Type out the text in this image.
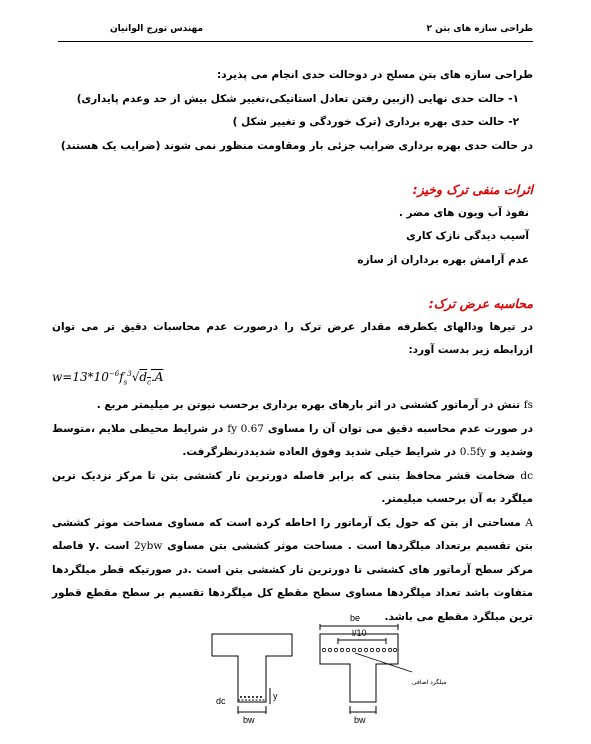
طراحی سازه های بتن ۲
مهندس تورج الوانیان

طراحی سازه های بتن مسلح در دوحالت حدی انجام می پذیرد:

۱- حالت حدی نهایی (ازبین رفتن تعادل استاتیکی،تغییر شکل بیش از حد وعدم پایداری)

۲- حالت حدی بهره برداری (ترک خوردگی و تغییر شکل )

در حالت حدی بهره برداری ضرایب جزئی بار ومقاومت منظور نمی شوند (ضرایب یک هستند)

اثرات منفی ترک وخیز:

نفوذ آب ویون های مضر .

آسیب دیدگی نازک کاری

عدم آرامش بهره برداران از سازه

محاسبه عرض ترک:

در تیرها ودالهای یکطرفه مقدار عرض ترک را درصورت عدم محاسبات دقیق تر می توان ازرابطه زیر بدست آورد:

$w=13*10^{-6}f_s^3√d_c.A$

fs تنش در آرماتور کششی در اثر بارهای بهره برداری برحسب نیوتن بر میلیمتر مربع .

در صورت عدم محاسبه دقیق می توان آن را مساوی 0.67 fy در شرایط محیطی ملایم ،متوسط وشدید و 0.5fy در شرایط خیلی شدید وفوق العاده شدیددرنظرگرفت.

dc ضخامت قشر محافظ بتنی که برابر فاصله دورترین تار کششی بتن تا مرکز نزدیک ترین میلگرد به آن برحسب میلیمتر.

A مساحتی از بتن که حول یک آرماتور را احاطه کرده است که مساوی مساحت موثر کششی بتن تقسیم برتعداد میلگردها است . مساحت موثر کششی بتن مساوی 2ybw است .y فاصله مرکز سطح آرماتور های کششی تا دورترین تار کششی بتن است .در صورتیکه قطر میلگردها متفاوت باشد تعداد میلگردها مساوی سطح مقطع کل میلگردها تقسیم بر سطح مقطع قطور ترین میلگرد مقطع می باشد.

dc	y
bw
be
l/10
bw
میلگرد اضافی
